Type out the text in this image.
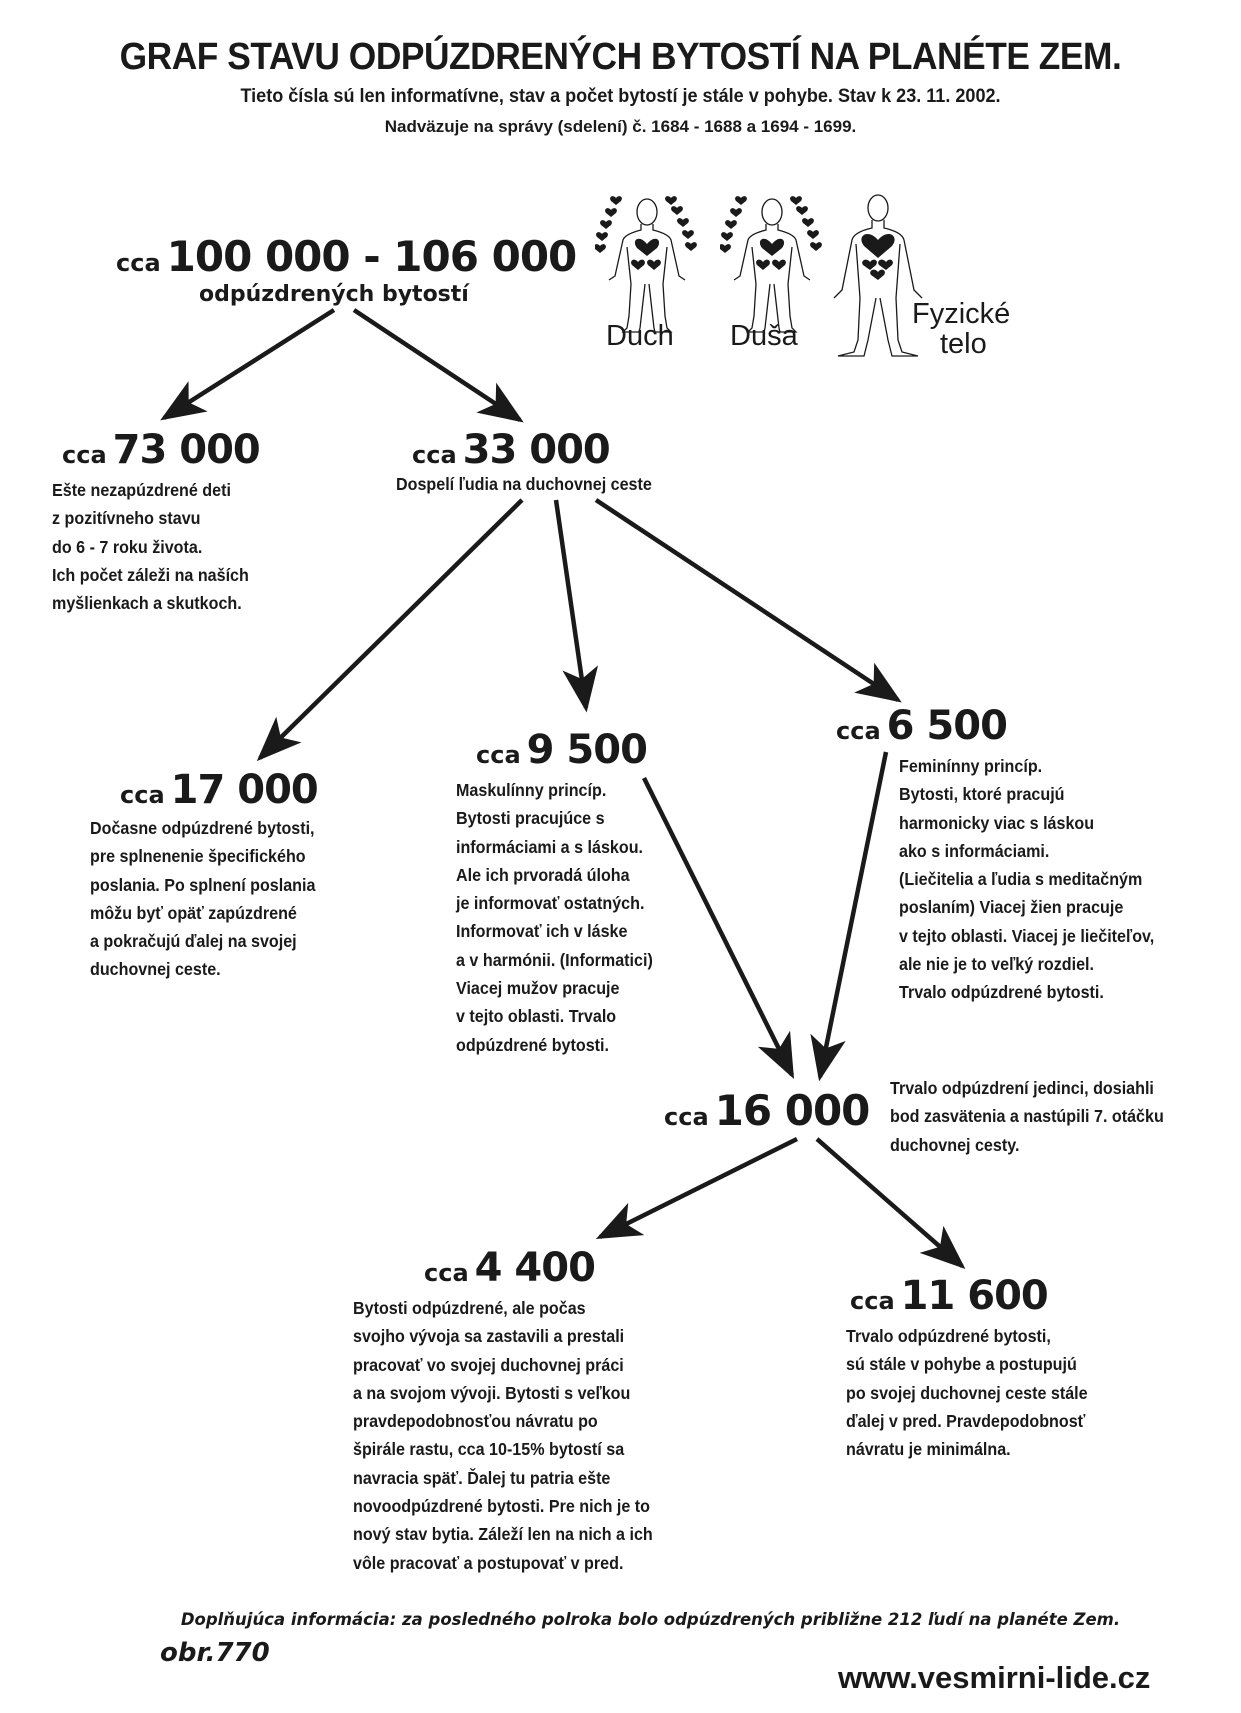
GRAF STAVU ODPÚZDRENÝCH BYTOSTÍ NA PLANÉTE ZEM.
Tieto čísla sú len informatívne, stav a počet bytostí je stále v pohybe. Stav k 23. 11. 2002.
Nadväzuje na správy (sdelení) č. 1684 - 1688 a 1694 - 1699.
cca 100 000 - 106 000
odpúzdrených bytostí
Duch Duša
Fyzické
telo
cca 73 000
Ešte nezapúzdrené deti
z pozitívneho stavu
do 6 - 7 roku života.
Ich počet záleži na naších
myšlienkach a skutkoch.
cca 33 000
Dospelí ľudia na duchovnej ceste
cca 17 000
Dočasne odpúzdrené bytosti,
pre splnenenie špecifického
poslania. Po splnení poslania
môžu byť opäť zapúzdrené
a pokračujú ďalej na svojej
duchovnej ceste.
cca 9 500
Maskulínny princíp.
Bytosti pracujúce s
informáciami a s láskou.
Ale ich prvoradá úloha
je informovať ostatných.
Informovať ich v láske
a v harmónii. (Informatici)
Viacej mužov pracuje
v tejto oblasti. Trvalo
odpúzdrené bytosti.
cca 6 500
Feminínny princíp.
Bytosti, ktoré pracujú
harmonicky viac s láskou
ako s informáciami.
(Liečitelia a ľudia s meditačným
poslaním) Viacej žien pracuje
v tejto oblasti. Viacej je liečiteľov,
ale nie je to veľký rozdiel.
Trvalo odpúzdrené bytosti.
cca 16 000 Trvalo odpúzdrení jedinci, dosiahli
bod zasvätenia a nastúpili 7. otáčku
duchovnej cesty.
cca 4 400
Bytosti odpúzdrené, ale počas
svojho vývoja sa zastavili a prestali
pracovať vo svojej duchovnej práci
a na svojom vývoji. Bytosti s veľkou
pravdepodobnosťou návratu po
špirále rastu, cca 10-15% bytostí sa
navracia späť. Ďalej tu patria ešte
novoodpúzdrené bytosti. Pre nich je to
nový stav bytia. Záleží len na nich a ich
vôle pracovať a postupovať v pred.
cca 11 600
Trvalo odpúzdrené bytosti,
sú stále v pohybe a postupujú
po svojej duchovnej ceste stále
ďalej v pred. Pravdepodobnosť
návratu je minimálna.
Doplňujúca informácia: za posledného polroka bolo odpúzdrených približne 212 ľudí na planéte Zem.
obr.770
www.vesmirni-lide.cz
